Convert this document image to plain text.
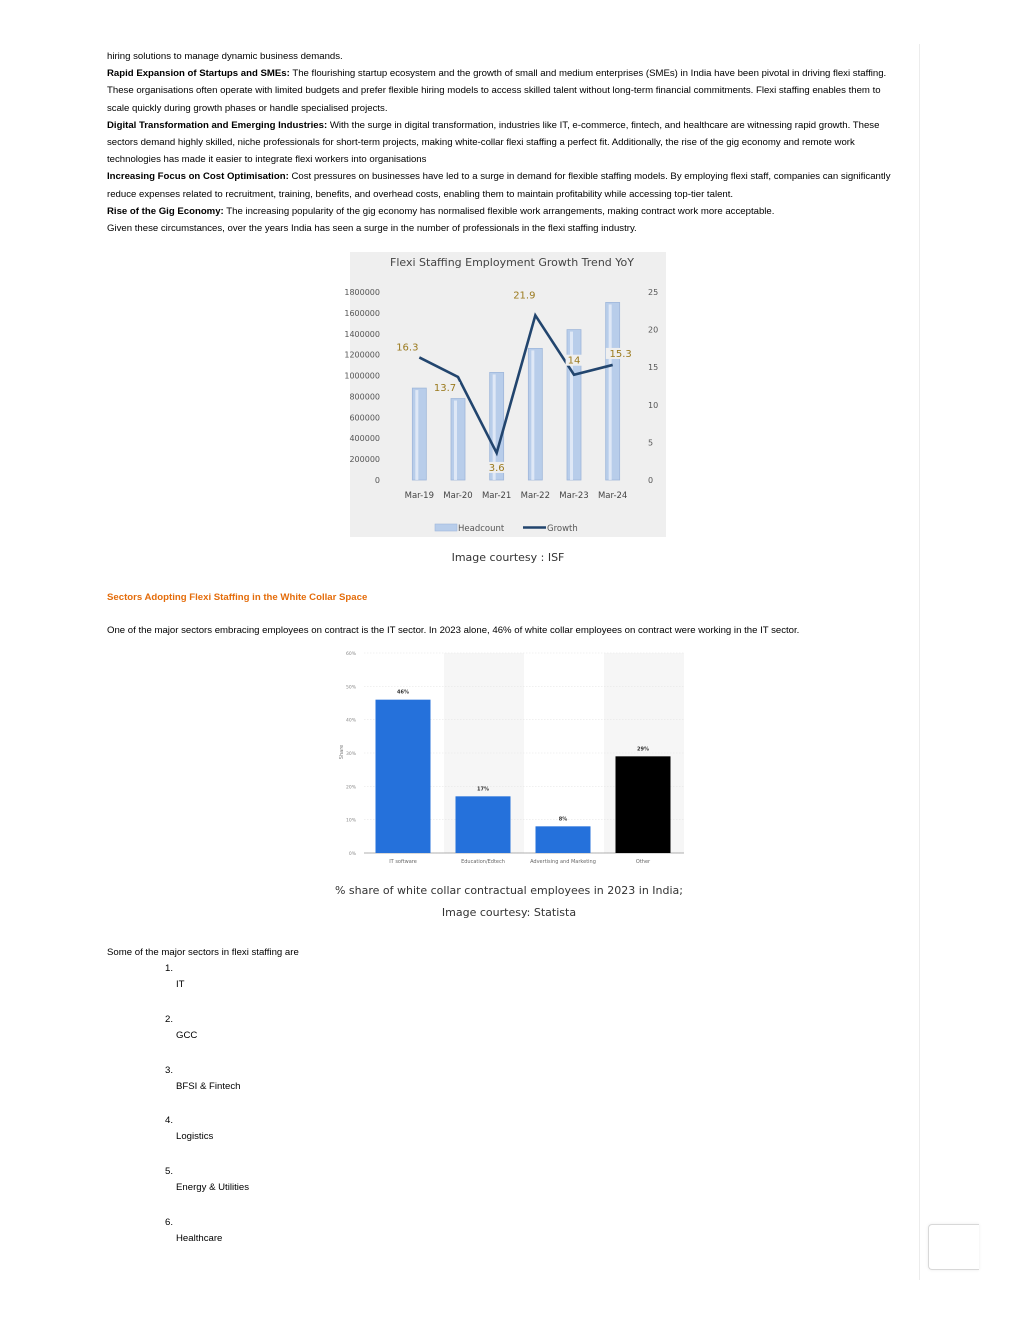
hiring solutions to manage dynamic business demands.

Rapid Expansion of Startups and SMEs: The flourishing startup ecosystem and the growth of small and medium enterprises (SMEs) in India have been pivotal in driving flexi staffing. These organisations often operate with limited budgets and prefer flexible hiring models to access skilled talent without long-term financial commitments. Flexi staffing enables them to scale quickly during growth phases or handle specialised projects.

Digital Transformation and Emerging Industries: With the surge in digital transformation, industries like IT, e-commerce, fintech, and healthcare are witnessing rapid growth. These sectors demand highly skilled, niche professionals for short-term projects, making white-collar flexi staffing a perfect fit. Additionally, the rise of the gig economy and remote work technologies has made it easier to integrate flexi workers into organisations

Increasing Focus on Cost Optimisation: Cost pressures on businesses have led to a surge in demand for flexible staffing models. By employing flexi staff, companies can significantly reduce expenses related to recruitment, training, benefits, and overhead costs, enabling them to maintain profitability while accessing top-tier talent.

Rise of the Gig Economy: The increasing popularity of the gig economy has normalised flexible work arrangements, making contract work more acceptable.

Given these circumstances, over the years India has seen a surge in the number of professionals in the flexi staffing industry.

Flexi Staffing Employment Growth Trend YoY
16.3
13.7
3.6
21.9
14
15.3
0
200000
400000
600000
800000
1000000
1200000
1400000
1600000
1800000
0
5
10
15
20
25
Mar-19 Mar-20 Mar-21 Mar-22 Mar-23 Mar-24
Headcount	Growth
Image courtesy : ISF
Sectors Adopting Flexi Staffing in the White Collar Space
One of the major sectors embracing employees on contract is the IT sector. In 2023 alone, 46% of white collar employees on contract were working in the IT sector.
46%
17%
8%
29%
0%
10%
20%
30%
40%
50%
60%
IT software	Education/Edtech	Advertising and Marketing	Other
Share
% share of white collar contractual employees in 2023 in India;
Image courtesy: Statista
Some of the major sectors in flexi staffing are
1.
IT
2.
GCC
3.
BFSI & Fintech
4.
Logistics
5.
Energy & Utilities
6.
Healthcare
